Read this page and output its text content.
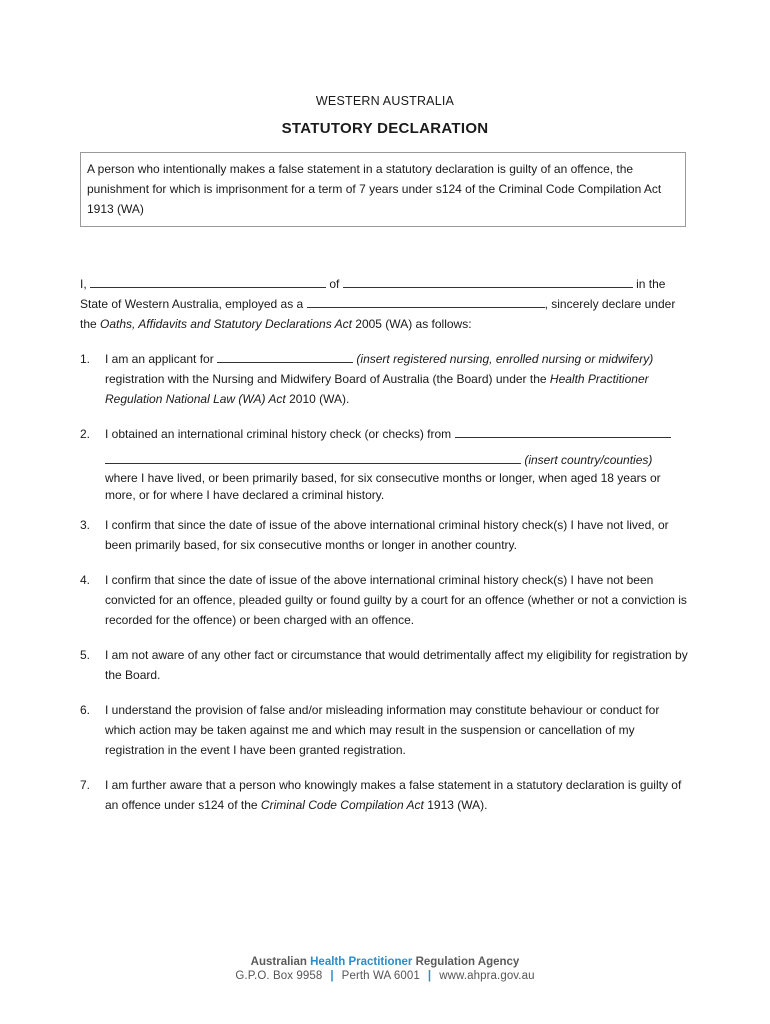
WESTERN AUSTRALIA
STATUTORY DECLARATION
A person who intentionally makes a false statement in a statutory declaration is guilty of an offence, the punishment for which is imprisonment for a term of 7 years under s124 of the Criminal Code Compilation Act 1913 (WA)
I,	of	in the
State of Western Australia, employed as a	, sincerely declare under
the Oaths, Affidavits and Statutory Declarations Act 2005 (WA) as follows:
1.	I am an applicant for	(insert registered nursing, enrolled nursing or midwifery)
registration with the Nursing and Midwifery Board of Australia (the Board) under the Health Practitioner Regulation National Law (WA) Act 2010 (WA).
2.	I obtained an international criminal history check (or checks) from

(insert country/counties)
where I have lived, or been primarily based, for six consecutive months or longer, when aged 18 years or more, or for where I have declared a criminal history.
3.	I confirm that since the date of issue of the above international criminal history check(s) I have not lived, or been primarily based, for six consecutive months or longer in another country.
4.	I confirm that since the date of issue of the above international criminal history check(s) I have not been convicted for an offence, pleaded guilty or found guilty by a court for an offence (whether or not a conviction is recorded for the offence) or been charged with an offence.
5.	I am not aware of any other fact or circumstance that would detrimentally affect my eligibility for registration by the Board.
6.	I understand the provision of false and/or misleading information may constitute behaviour or conduct for which action may be taken against me and which may result in the suspension or cancellation of my registration in the event I have been granted registration.
7.	I am further aware that a person who knowingly makes a false statement in a statutory declaration is guilty of an offence under s124 of the Criminal Code Compilation Act 1913 (WA).
Australian Health Practitioner Regulation Agency
G.P.O. Box 9958 | Perth WA 6001 | www.ahpra.gov.au
